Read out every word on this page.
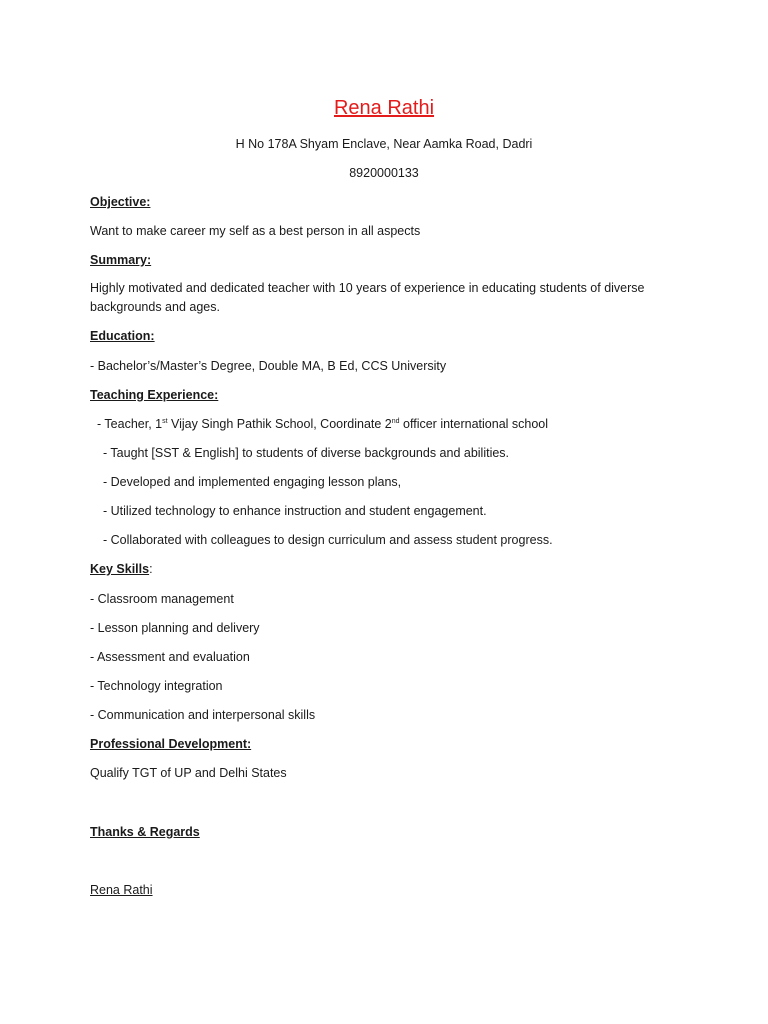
Rena Rathi
H No 178A Shyam Enclave, Near Aamka Road, Dadri
8920000133
Objective:
Want to make career my self as a best person in all aspects
Summary:
Highly motivated and dedicated teacher with 10 years of experience in educating students of diverse backgrounds and ages.
Education:
- Bachelor’s/Master’s Degree, Double MA, B Ed, CCS University
Teaching Experience:
- Teacher, 1st Vijay Singh Pathik School, Coordinate 2nd officer international school
- Taught [SST & English] to students of diverse backgrounds and abilities.
- Developed and implemented engaging lesson plans,
- Utilized technology to enhance instruction and student engagement.
- Collaborated with colleagues to design curriculum and assess student progress.
Key Skills:
- Classroom management
- Lesson planning and delivery
- Assessment and evaluation
- Technology integration
- Communication and interpersonal skills
Professional Development:
Qualify TGT of UP and Delhi States
Thanks & Regards
Rena Rathi
